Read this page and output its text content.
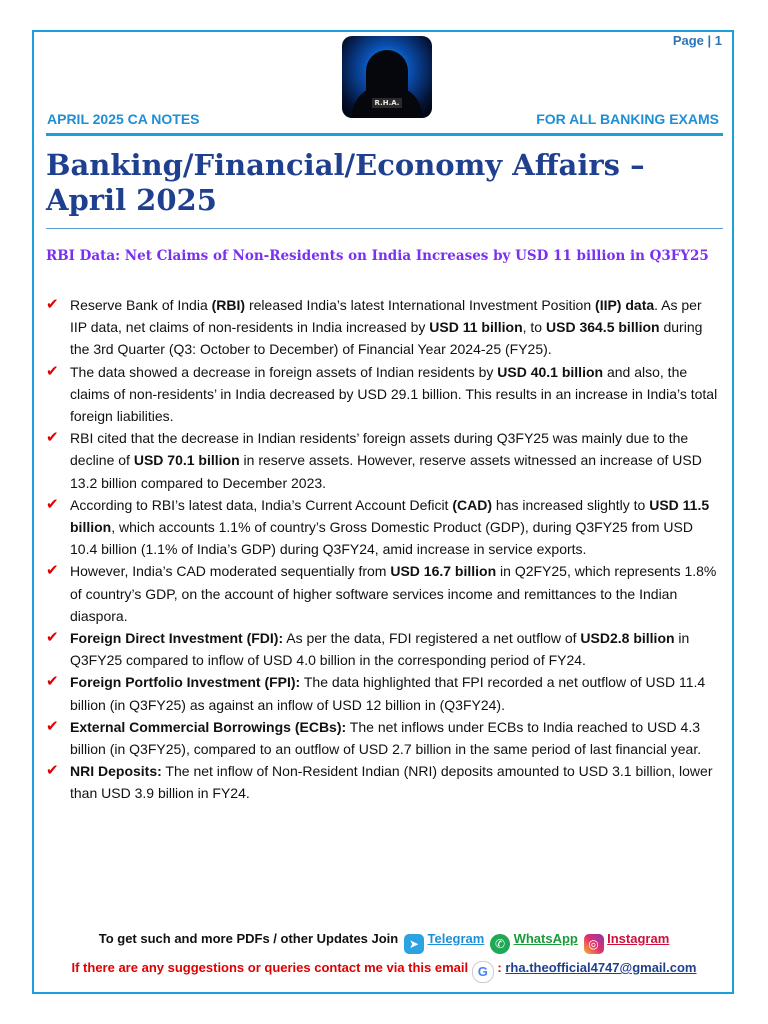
Page | 1
R.H.A.
APRIL 2025 CA NOTES	FOR ALL BANKING EXAMS
Banking/Financial/Economy Affairs –
April 2025
RBI Data: Net Claims of Non-Residents on India Increases by USD 11 billion in Q3FY25
✔ Reserve Bank of India (RBI) released India’s latest International Investment Position (IIP) data. As per IIP data, net claims of non-residents in India increased by USD 11 billion, to USD 364.5 billion during the 3rd Quarter (Q3: October to December) of Financial Year 2024-25 (FY25).
✔ The data showed a decrease in foreign assets of Indian residents by USD 40.1 billion and also, the claims of non-residents’ in India decreased by USD 29.1 billion. This results in an increase in India’s total foreign liabilities.
✔ RBI cited that the decrease in Indian residents’ foreign assets during Q3FY25 was mainly due to the decline of USD 70.1 billion in reserve assets. However, reserve assets witnessed an increase of USD 13.2 billion compared to December 2023.
✔ According to RBI’s latest data, India’s Current Account Deficit (CAD) has increased slightly to USD 11.5 billion, which accounts 1.1% of country’s Gross Domestic Product (GDP), during Q3FY25 from USD 10.4 billion (1.1% of India’s GDP) during Q3FY24, amid increase in service exports.
✔ However, India’s CAD moderated sequentially from USD 16.7 billion in Q2FY25, which represents 1.8% of country’s GDP, on the account of higher software services income and remittances to the Indian diaspora.
✔ Foreign Direct Investment (FDI): As per the data, FDI registered a net outflow of USD2.8 billion in Q3FY25 compared to inflow of USD 4.0 billion in the corresponding period of FY24.
✔ Foreign Portfolio Investment (FPI): The data highlighted that FPI recorded a net outflow of USD 11.4 billion (in Q3FY25) as against an inflow of USD 12 billion in (Q3FY24).
✔ External Commercial Borrowings (ECBs): The net inflows under ECBs to India reached to USD 4.3 billion (in Q3FY25), compared to an outflow of USD 2.7 billion in the same period of last financial year.
✔ NRI Deposits: The net inflow of Non-Resident Indian (NRI) deposits amounted to USD 3.1 billion, lower than USD 3.9 billion in FY24.
To get such and more PDFs / other Updates Join ➤ Telegram ✆ WhatsApp ◎ Instagram
If there are any suggestions or queries contact me via this email G : rha.theofficial4747@gmail.com
